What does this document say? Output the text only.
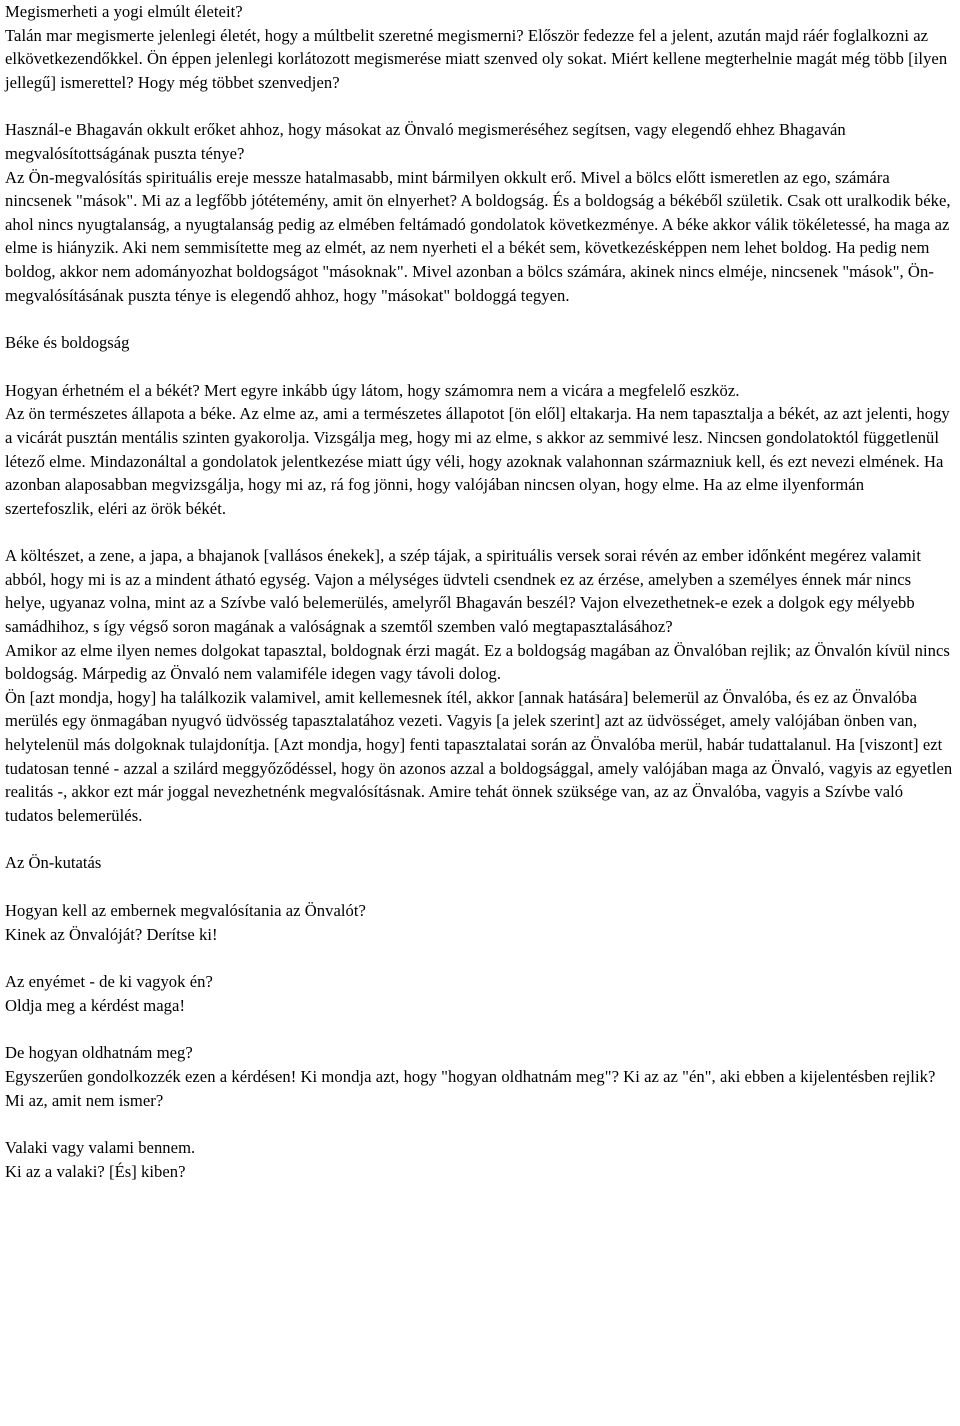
Megismerheti a yogi elmúlt életeit?

Talán mar megismerte jelenlegi életét, hogy a múltbelit szeretné megismerni? Először fedezze fel a jelent, azután majd ráér foglalkozni az elkövetkezendőkkel. Ön éppen jelenlegi korlátozott megismerése miatt szenved oly sokat. Miért kellene megterhelnie magát még több [ilyen jellegű] ismerettel? Hogy még többet szenvedjen?

Használ-e Bhagaván okkult erőket ahhoz, hogy másokat az Önvaló megismeréséhez segítsen, vagy elegendő ehhez Bhagaván megvalósítottságának puszta ténye?

Az Ön-megvalósítás spirituális ereje messze hatalmasabb, mint bármilyen okkult erő. Mivel a bölcs előtt ismeretlen az ego, számára nincsenek "mások". Mi az a legfőbb jótétemény, amit ön elnyerhet? A boldogság. És a boldogság a békéből születik. Csak ott uralkodik béke, ahol nincs nyugtalanság, a nyugtalanság pedig az elmében feltámadó gondolatok következménye. A béke akkor válik tökéletessé, ha maga az elme is hiányzik. Aki nem semmisítette meg az elmét, az nem nyerheti el a békét sem, következésképpen nem lehet boldog. Ha pedig nem boldog, akkor nem adományozhat boldogságot "másoknak". Mivel azonban a bölcs számára, akinek nincs elméje, nincsenek "mások", Ön-megvalósításának puszta ténye is elegendő ahhoz, hogy "másokat" boldoggá tegyen.

Béke és boldogság

Hogyan érhetném el a békét? Mert egyre inkább úgy látom, hogy számomra nem a vicára a megfelelő eszköz.

Az ön természetes állapota a béke. Az elme az, ami a természetes állapotot [ön elől] eltakarja. Ha nem tapasztalja a békét, az azt jelenti, hogy a vicárát pusztán mentális szinten gyakorolja. Vizsgálja meg, hogy mi az elme, s akkor az semmivé lesz. Nincsen gondolatoktól függetlenül létező elme. Mindazonáltal a gondolatok jelentkezése miatt úgy véli, hogy azoknak valahonnan származniuk kell, és ezt nevezi elmének. Ha azonban alaposabban megvizsgálja, hogy mi az, rá fog jönni, hogy valójában nincsen olyan, hogy elme. Ha az elme ilyenformán szertefoszlik, eléri az örök békét.

A költészet, a zene, a japa, a bhajanok [vallásos énekek], a szép tájak, a spirituális versek sorai révén az ember időnként megérez valamit abból, hogy mi is az a mindent átható egység. Vajon a mélységes üdvteli csendnek ez az érzése, amelyben a személyes énnek már nincs helye, ugyanaz volna, mint az a Szívbe való belemerülés, amelyről Bhagaván beszél? Vajon elvezethetnek-e ezek a dolgok egy mélyebb samádhihoz, s így végső soron magának a valóságnak a szemtől szemben való megtapasztalásához?

Amikor az elme ilyen nemes dolgokat tapasztal, boldognak érzi magát. Ez a boldogság magában az Önvalóban rejlik; az Önvalón kívül nincs boldogság. Márpedig az Önvaló nem valamiféle idegen vagy távoli dolog.

Ön [azt mondja, hogy] ha találkozik valamivel, amit kellemesnek ítél, akkor [annak hatására] belemerül az Önvalóba, és ez az Önvalóba merülés egy önmagában nyugvó üdvösség tapasztalatához vezeti. Vagyis [a jelek szerint] azt az üdvösséget, amely valójában önben van, helytelenül más dolgoknak tulajdonítja. [Azt mondja, hogy] fenti tapasztalatai során az Önvalóba merül, habár tudattalanul. Ha [viszont] ezt tudatosan tenné - azzal a szilárd meggyőződéssel, hogy ön azonos azzal a boldogsággal, amely valójában maga az Önvaló, vagyis az egyetlen realitás -, akkor ezt már joggal nevezhetnénk megvalósításnak. Amire tehát önnek szüksége van, az az Önvalóba, vagyis a Szívbe való tudatos belemerülés.

Az Ön-kutatás

Hogyan kell az embernek megvalósítania az Önvalót?

Kinek az Önvalóját? Derítse ki!

Az enyémet - de ki vagyok én?

Oldja meg a kérdést maga!

De hogyan oldhatnám meg?

Egyszerűen gondolkozzék ezen a kérdésen! Ki mondja azt, hogy "hogyan oldhatnám meg"? Ki az az "én", aki ebben a kijelentésben rejlik? Mi az, amit nem ismer?

Valaki vagy valami bennem.

Ki az a valaki? [És] kiben?
